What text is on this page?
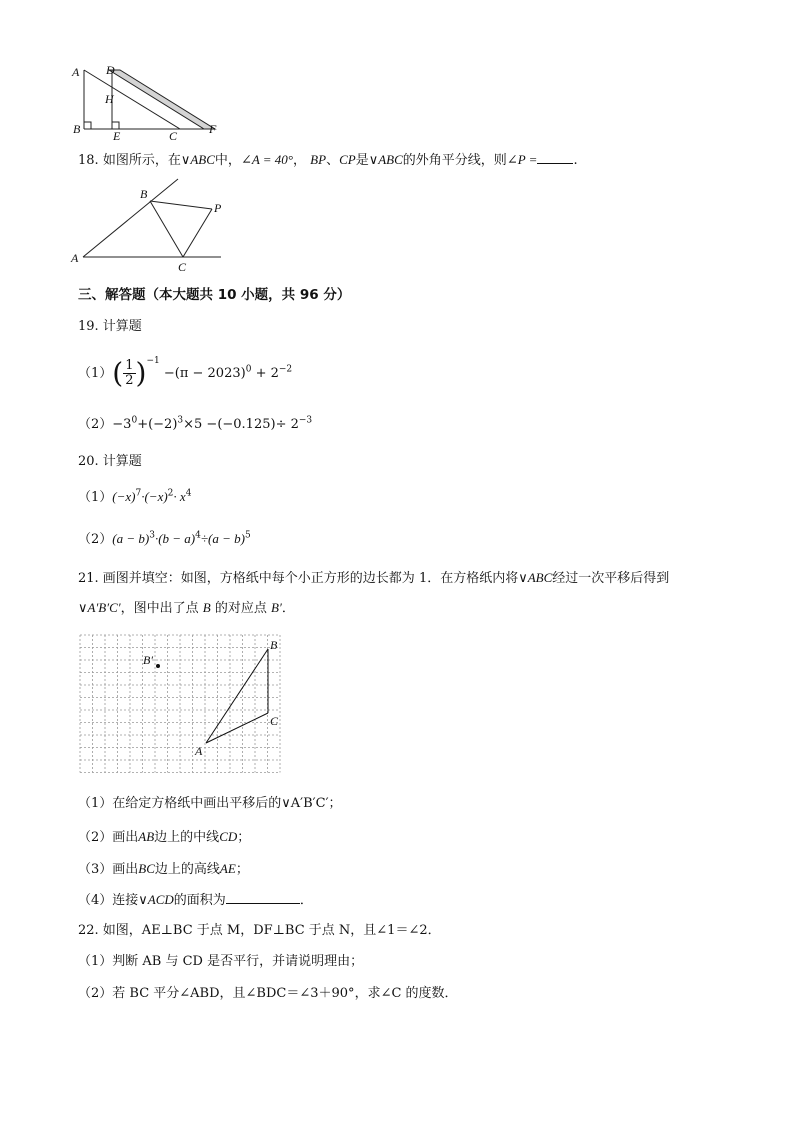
A D
H
B	E	C	F
18. 如图所示，在∨ABC中，∠A = 40°， BP、CP是∨ABC的外角平分线，则∠P =	.
B
P
A
C
三、解答题（本大题共 10 小题，共 96 分）
19. 计算题
$(1)( \frac{1}{2} )^{-1} -(\pi - 2023)^0 + 2^{-2}$
$(2)-3^0+(-2)^3\times 5 -(-0.125)\div 2^{-3}$
20. 计算题
$(1)(-x)^7\cdot(-x)^2\cdot x^4$
$(2)(a - b)^3\cdot(b - a)^4\div(a - b)^5$
21. 画图并填空：如图，方格纸中每个小正方形的边长都为 1．在方格纸内将∨ABC经过一次平移后得到
∨A′B′C′，图中出了点 B 的对应点 B′．
B′
B
C
A
（1）在给定方格纸中画出平移后的∨A′B′C′；
（2）画出AB边上的中线CD；
（3）画出BC边上的高线AE；
（4）连接∨ACD的面积为	．
22. 如图，AE⊥BC 于点 M，DF⊥BC 于点 N，且∠1＝∠2．
（1）判断 AB 与 CD 是否平行，并请说明理由；
（2）若 BC 平分∠ABD，且∠BDC＝∠3＋90°，求∠C 的度数．
